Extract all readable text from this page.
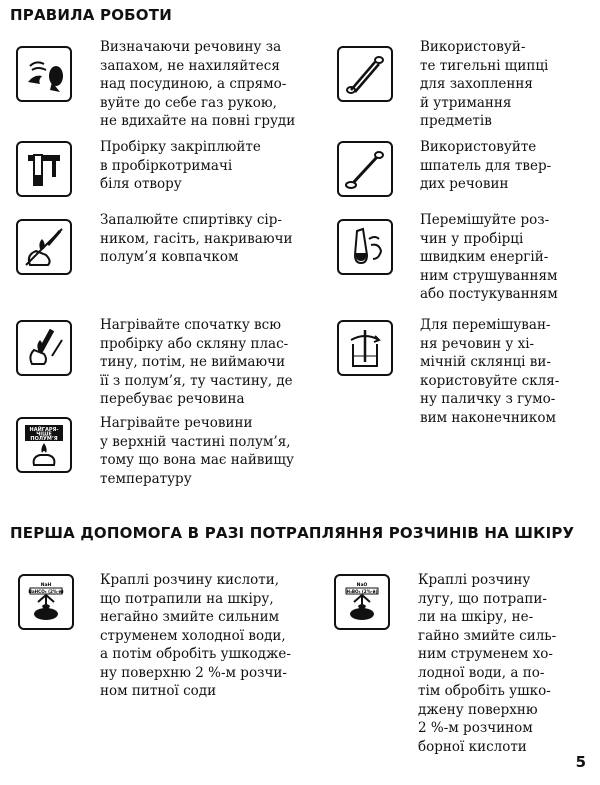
ПРАВИЛА РОБОТИ

Визначаючи речовину за
запахом, не нахиляйтеся
над посудиною, а спрямо-
вуйте до себе газ рукою,
не вдихайте на повні груди

Пробірку закріплюйте
в пробіркотримачі
біля отвору

Запалюйте спиртівку сір-
ником, гасіть, накриваючи
полум’я ковпачком

Нагрівайте спочатку всю
пробірку або скляну плас-
тину, потім, не виймаючи
її з полум’я, ту частину, де
перебуває речовина

НАЙГАРЯ-
ЧІШЕ
ПОЛУМ’Я

Нагрівайте речовини
у верхній частині полум’я,
тому що вона має найвищу
температуру

Використовуй-
те тигельні щипці
для захоплення
й утримання
предметів

Використовуйте
шпатель для твер-
дих речовин

Перемішуйте роз-
чин у пробірці
швидким енергій-
ним струшуванням
або постукуванням

Для перемішуван-
ня речовин у хі-
мічній склянці ви-
користовуйте скля-
ну паличку з гумо-
вим наконечником

ПЕРША ДОПОМОГА В РАЗІ ПОТРАПЛЯННЯ РОЗЧИНІВ НА ШКІРУ
NaH
NaHCO₃ (2%-й)

Краплі розчину кислоти,
що потрапили на шкіру,
негайно змийте сильним
струменем холодної води,
а потім обробіть ушкодже-
ну поверхню 2 %-м розчи-
ном питної соди

NaO
H₃BO₃ (2%-й)

Краплі розчину
лугу, що потрапи-
ли на шкіру, не-
гайно змийте силь-
ним струменем хо-
лодної води, а по-
тім обробіть ушко-
джену поверхню
2 %-м розчином
борної кислоти

5
